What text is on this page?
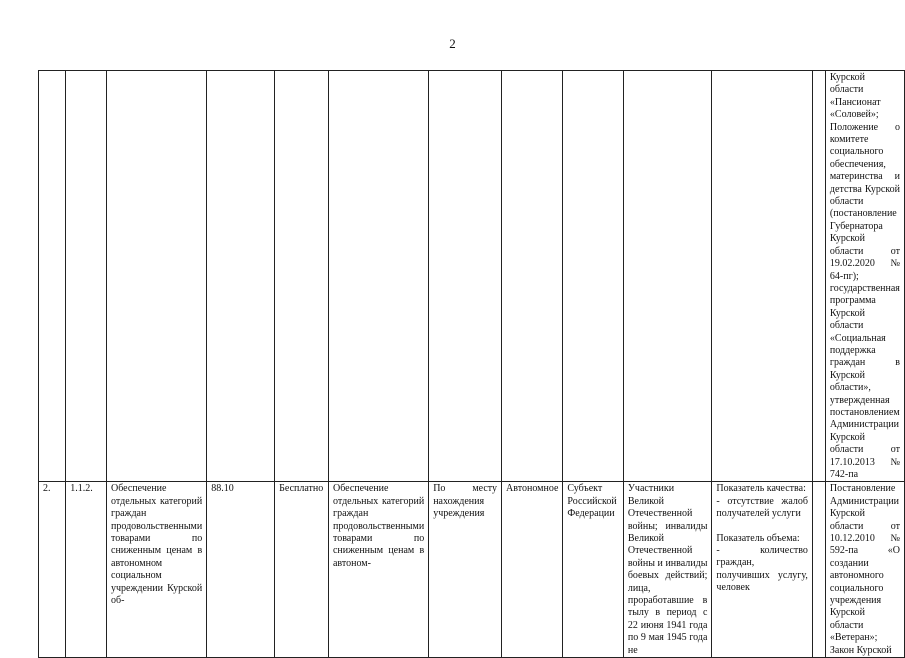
2

												Курской области «Пансионат «Соловей»; Положение о комитете социального обеспечения, материнства и детства Курской области (постановление Губернатора Курской области от 19.02.2020 № 64-пг); государственная программа Курской области «Социальная поддержка граждан в Курской области», утвержденная постановлением Администрации Курской области от 17.10.2013 № 742-па

2.	1.1.2.	Обеспечение отдельных категорий граждан продовольственными товарами по сниженным ценам в автономном социальном учреждении Курской об-	88.10	Бесплатно	Обеспечение отдельных категорий граждан продовольственными товарами по сниженным ценам в автоном-	По месту нахождения учреждения	Автономное	Субъект Российской Федерации	Участники Великой Отечественной войны; инвалиды Великой Отечественной войны и инвалиды боевых действий; лица, проработавшие в тылу в период с 22 июня 1941 года по 9 мая 1945 года не	Показатель качества:
- отсутствие жалоб получателей услуги
Показатель объема:
- количество граждан, получивших услугу, человек		Постановление Администрации Курской области от 10.12.2010 № 592-па «О создании автономного социального учреждения Курской области «Ветеран»; Закон Курской
